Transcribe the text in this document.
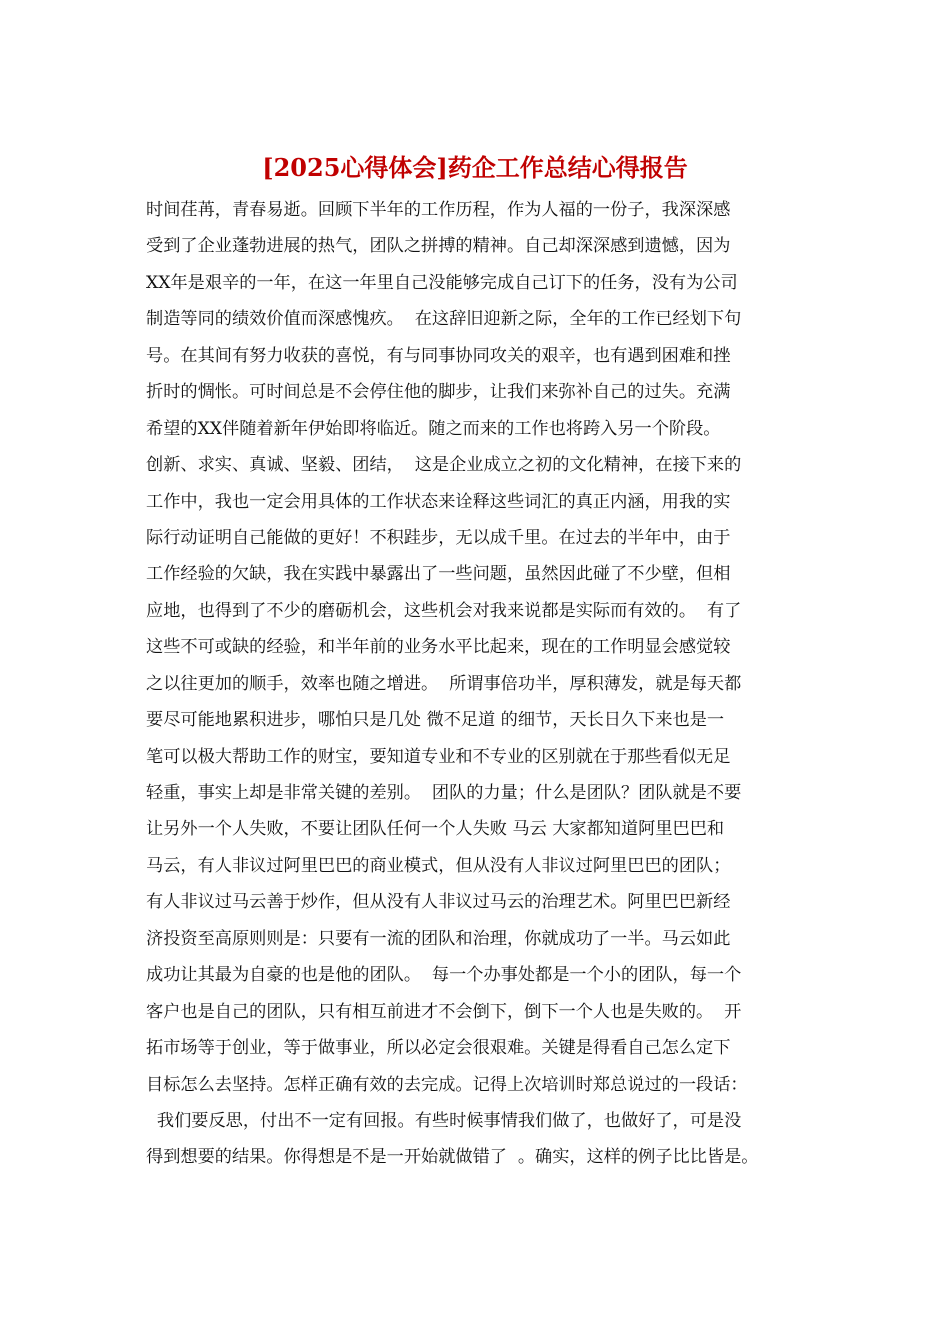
[2025心得体会]药企工作总结心得报告
时间荏苒，青春易逝。回顾下半年的工作历程，作为人福的一份子，我深深感
受到了企业蓬勃进展的热气，团队之拼搏的精神。自己却深深感到遗憾，因为
XX年是艰辛的一年，在这一年里自己没能够完成自己订下的任务，没有为公司
制造等同的绩效价值而深感愧疚。  在这辞旧迎新之际，全年的工作已经划下句
号。在其间有努力收获的喜悦，有与同事协同攻关的艰辛，也有遇到困难和挫
折时的惆怅。可时间总是不会停住他的脚步，让我们来弥补自己的过失。充满
希望的XX伴随着新年伊始即将临近。随之而来的工作也将跨入另一个阶段。
创新、求实、真诚、坚毅、团结，  这是企业成立之初的文化精神，在接下来的
工作中，我也一定会用具体的工作状态来诠释这些词汇的真正内涵，用我的实
际行动证明自己能做的更好！不积跬步，无以成千里。在过去的半年中，由于
工作经验的欠缺，我在实践中暴露出了一些问题，虽然因此碰了不少壁，但相
应地，也得到了不少的磨砺机会，这些机会对我来说都是实际而有效的。  有了
这些不可或缺的经验，和半年前的业务水平比起来，现在的工作明显会感觉较
之以往更加的顺手，效率也随之增进。  所谓事倍功半，厚积薄发，就是每天都
要尽可能地累积进步，哪怕只是几处 微不足道 的细节，天长日久下来也是一
笔可以极大帮助工作的财宝，要知道专业和不专业的区别就在于那些看似无足
轻重，事实上却是非常关键的差别。  团队的力量；什么是团队？团队就是不要
让另外一个人失败，不要让团队任何一个人失败 马云 大家都知道阿里巴巴和
马云，有人非议过阿里巴巴的商业模式，但从没有人非议过阿里巴巴的团队；
有人非议过马云善于炒作，但从没有人非议过马云的治理艺术。阿里巴巴新经
济投资至高原则则是：只要有一流的团队和治理，你就成功了一半。马云如此
成功让其最为自豪的也是他的团队。  每一个办事处都是一个小的团队，每一个
客户也是自己的团队，只有相互前进才不会倒下，倒下一个人也是失败的。  开
拓市场等于创业，等于做事业，所以必定会很艰难。关键是得看自己怎么定下
目标怎么去坚持。怎样正确有效的去完成。记得上次培训时郑总说过的一段话：
我们要反思，付出不一定有回报。有些时候事情我们做了，也做好了，可是没
得到想要的结果。你得想是不是一开始就做错了  。确实，这样的例子比比皆是。
